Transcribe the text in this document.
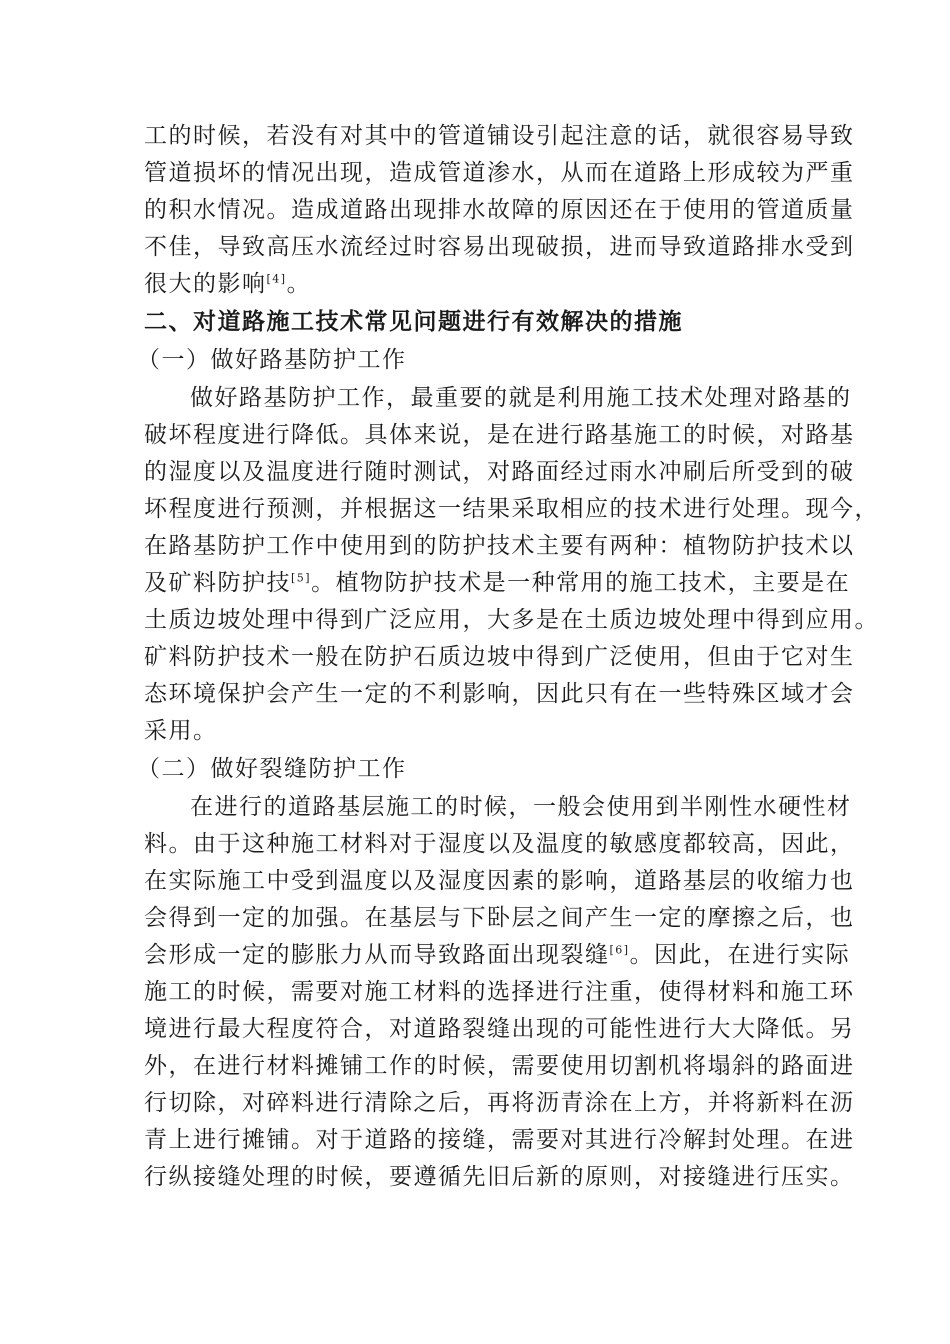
工的时候，若没有对其中的管道铺设引起注意的话，就很容易导致

管道损坏的情况出现，造成管道渗水，从而在道路上形成较为严重

的积水情况。造成道路出现排水故障的原因还在于使用的管道质量

不佳，导致高压水流经过时容易出现破损，进而导致道路排水受到

很大的影响[4]。

二、对道路施工技术常见问题进行有效解决的措施

（一）做好路基防护工作

做好路基防护工作，最重要的就是利用施工技术处理对路基的

破坏程度进行降低。具体来说，是在进行路基施工的时候，对路基

的湿度以及温度进行随时测试，对路面经过雨水冲刷后所受到的破

坏程度进行预测，并根据这一结果采取相应的技术进行处理。现今，

在路基防护工作中使用到的防护技术主要有两种：植物防护技术以

及矿料防护技[5]。植物防护技术是一种常用的施工技术，主要是在

土质边坡处理中得到广泛应用，大多是在土质边坡处理中得到应用。

矿料防护技术一般在防护石质边坡中得到广泛使用，但由于它对生

态环境保护会产生一定的不利影响，因此只有在一些特殊区域才会

采用。

（二）做好裂缝防护工作

在进行的道路基层施工的时候，一般会使用到半刚性水硬性材

料。由于这种施工材料对于湿度以及温度的敏感度都较高，因此，

在实际施工中受到温度以及湿度因素的影响，道路基层的收缩力也

会得到一定的加强。在基层与下卧层之间产生一定的摩擦之后，也

会形成一定的膨胀力从而导致路面出现裂缝[6]。因此，在进行实际

施工的时候，需要对施工材料的选择进行注重，使得材料和施工环

境进行最大程度符合，对道路裂缝出现的可能性进行大大降低。另

外，在进行材料摊铺工作的时候，需要使用切割机将塌斜的路面进

行切除，对碎料进行清除之后，再将沥青涂在上方，并将新料在沥

青上进行摊铺。对于道路的接缝，需要对其进行冷解封处理。在进

行纵接缝处理的时候，要遵循先旧后新的原则，对接缝进行压实。
